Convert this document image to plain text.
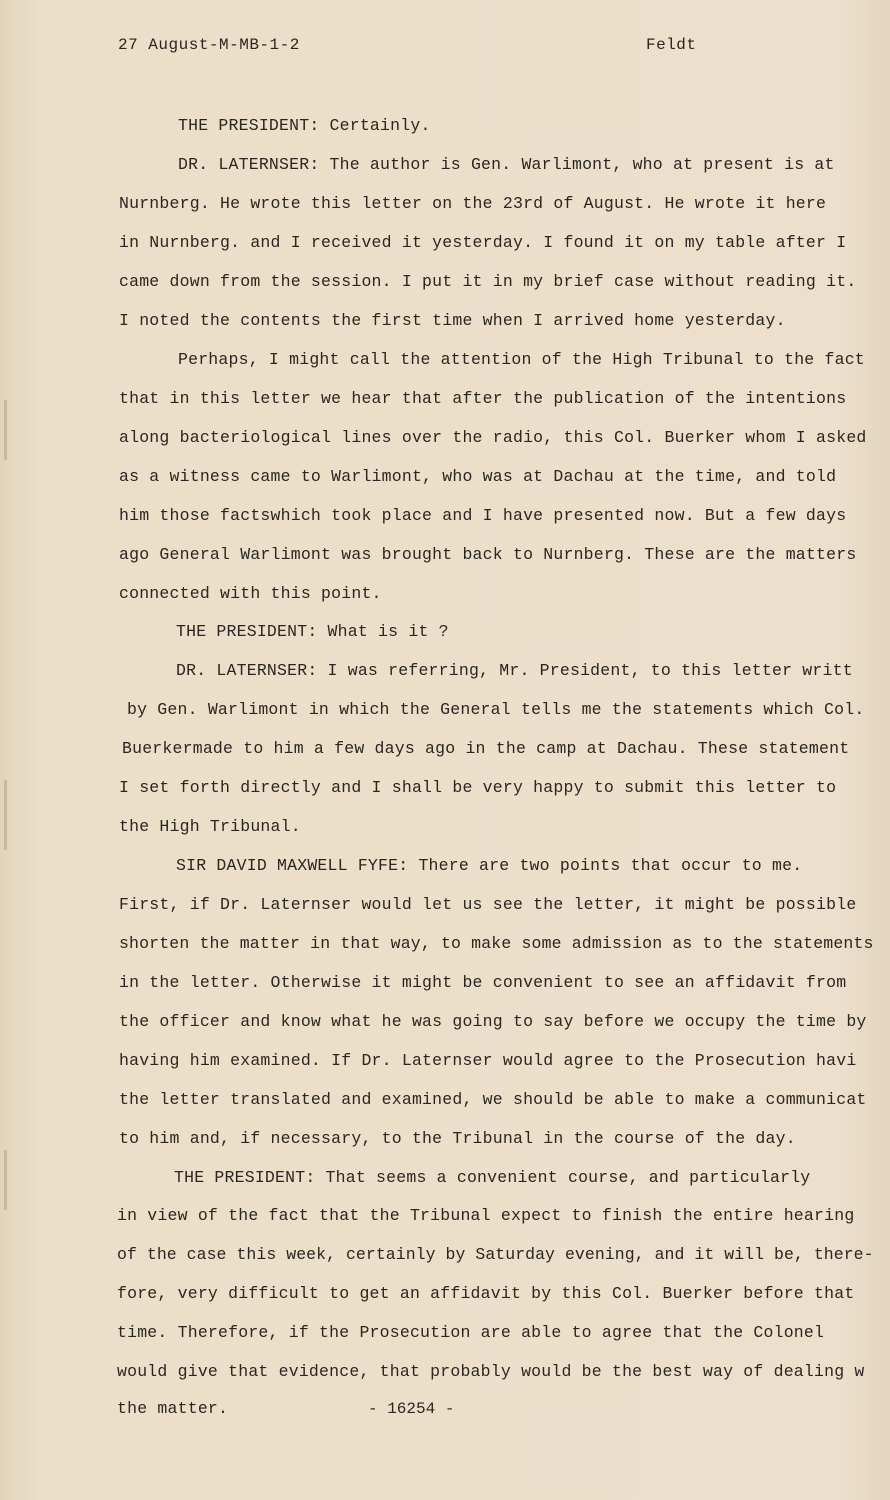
27 August-M-MB-1-2	Feldt
THE PRESIDENT: Certainly.
DR. LATERNSER: The author is Gen. Warlimont, who at present is at
Nurnberg. He wrote this letter on the 23rd of August. He wrote it here
in Nurnberg. and I received it yesterday. I found it on my table after I
came down from the session. I put it in my brief case without reading it.
I noted the contents the first time when I arrived home yesterday.
Perhaps, I might call the attention of the High Tribunal to the fact
that in this letter we hear that after the publication of the intentions
along bacteriological lines over the radio, this Col. Buerker whom I asked
as a witness came to Warlimont, who was at Dachau at the time, and told
him those factswhich took place and I have presented now. But a few days
ago General Warlimont was brought back to Nurnberg. These are the matters
connected with this point.
THE PRESIDENT: What is it ?
DR. LATERNSER: I was referring, Mr. President, to this letter writt
by Gen. Warlimont in which the General tells me the statements which Col.
Buerkermade to him a few days ago in the camp at Dachau. These statement
I set forth directly and I shall be very happy to submit this letter to
the High Tribunal.
SIR DAVID MAXWELL FYFE: There are two points that occur to me.
First, if Dr. Laternser would let us see the letter, it might be possible
shorten the matter in that way, to make some admission as to the statements
in the letter. Otherwise it might be convenient to see an affidavit from
the officer and know what he was going to say before we occupy the time by
having him examined. If Dr. Laternser would agree to the Prosecution havi
the letter translated and examined, we should be able to make a communicat
to him and, if necessary, to the Tribunal in the course of the day.
THE PRESIDENT: That seems a convenient course, and particularly
in view of the fact that the Tribunal expect to finish the entire hearing
of the case this week, certainly by Saturday evening, and it will be, there-
fore, very difficult to get an affidavit by this Col. Buerker before that
time. Therefore, if the Prosecution are able to agree that the Colonel
would give that evidence, that probably would be the best way of dealing w
the matter.	- 16254 -
